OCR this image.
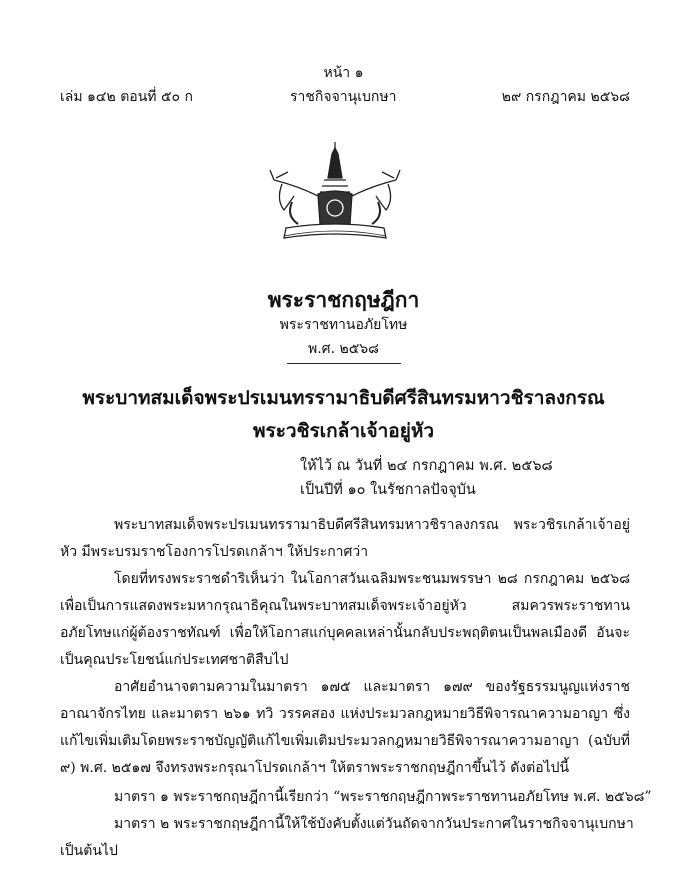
หน้า ๑
เล่ม ๑๔๒ ตอนที่ ๕๐ ก	ราชกิจจานุเบกษา	๒๙ กรกฎาคม ๒๕๖๘
พระราชกฤษฎีกา
พระราชทานอภัยโทษ
พ.ศ. ๒๕๖๘
พระบาทสมเด็จพระปรเมนทรรามาธิบดีศรีสินทรมหาวชิราลงกรณ
พระวชิรเกล้าเจ้าอยู่หัว
ให้ไว้ ณ วันที่ ๒๔ กรกฎาคม พ.ศ. ๒๕๖๘
เป็นปีที่ ๑๐ ในรัชกาลปัจจุบัน

พระบาทสมเด็จพระปรเมนทรรามาธิบดีศรีสินทรมหาวชิราลงกรณ พระวชิรเกล้าเจ้าอยู่หัว มีพระบรมราชโองการโปรดเกล้าฯ ให้ประกาศว่า

โดยที่ทรงพระราชดำริเห็นว่า ในโอกาสวันเฉลิมพระชนมพรรษา ๒๘ กรกฎาคม ๒๕๖๘ เพื่อเป็นการแสดงพระมหากรุณาธิคุณในพระบาทสมเด็จพระเจ้าอยู่หัว สมควรพระราชทานอภัยโทษแก่ผู้ต้องราชทัณฑ์ เพื่อให้โอกาสแก่บุคคลเหล่านั้นกลับประพฤติตนเป็นพลเมืองดี อันจะเป็นคุณประโยชน์แก่ประเทศชาติสืบไป

อาศัยอำนาจตามความในมาตรา ๑๗๕ และมาตรา ๑๗๙ ของรัฐธรรมนูญแห่งราชอาณาจักรไทย และมาตรา ๒๖๑ ทวิ วรรคสอง แห่งประมวลกฎหมายวิธีพิจารณาความอาญา ซึ่งแก้ไขเพิ่มเติมโดยพระราชบัญญัติแก้ไขเพิ่มเติมประมวลกฎหมายวิธีพิจารณาความอาญา (ฉบับที่ ๙) พ.ศ. ๒๕๑๗ จึงทรงพระกรุณาโปรดเกล้าฯ ให้ตราพระราชกฤษฎีกาขึ้นไว้ ดังต่อไปนี้

มาตรา ๑ พระราชกฤษฎีกานี้เรียกว่า “พระราชกฤษฎีกาพระราชทานอภัยโทษ พ.ศ. ๒๕๖๘”
มาตรา ๒ พระราชกฤษฎีกานี้ให้ใช้บังคับตั้งแต่วันถัดจากวันประกาศในราชกิจจานุเบกษา
เป็นต้นไป
